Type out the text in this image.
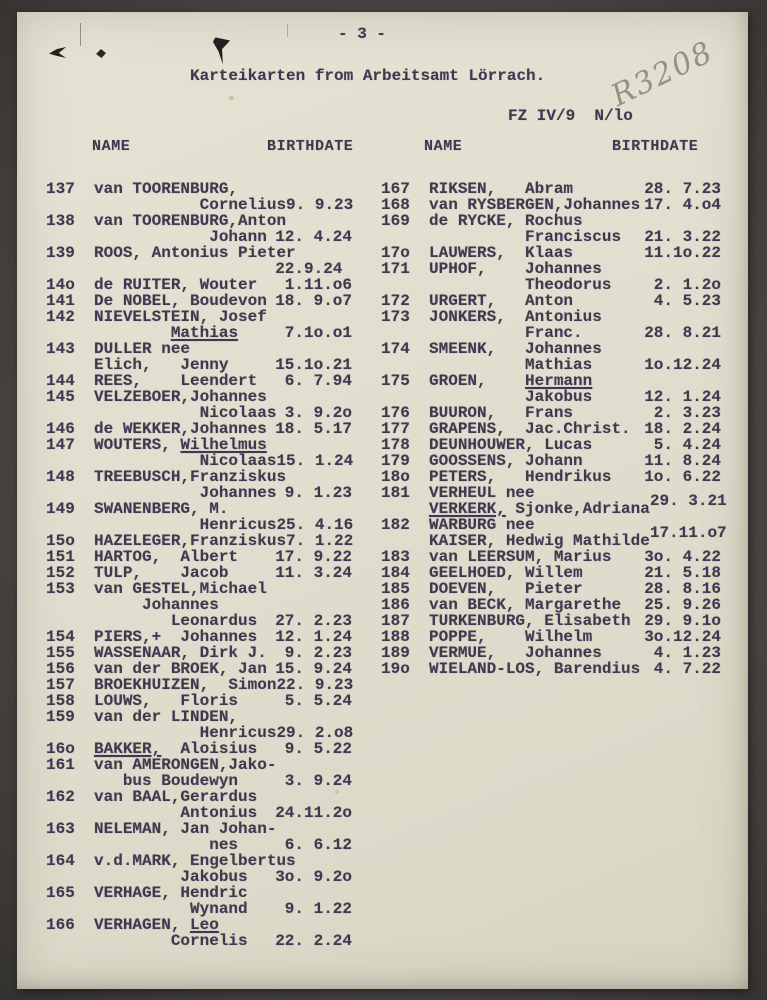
- 3 -
Karteikarten from Arbeitsamt Lörrach.
FZ IV/9  N/lo
R3208
NAME	BIRTHDATE	NAME	BIRTHDATE
137  van TOORENBURG,
Cornelius 9. 9.23
138  van TOORENBURG,Anton
Johann 12. 4.24
139  ROOS, Antonius Pieter
22.9.24
14o  de RUITER, Wouter 1.11.o6
141  De NOBEL, Boudevon 18. 9.o7
142  NIEVELSTEIN, Josef
Mathias	7.1o.o1
143  DULLER nee
Elich,   Jenny	15.1o.21
144  REES,    Leendert 6. 7.94
145  VELZEBOER,Johannes
Nicolaas 3. 9.2o
146  de WEKKER,Johannes 18. 5.17
147  WOUTERS, Wilhelmus
Nicolaas 15. 1.24
148  TREEBUSCH,Franziskus
Johannes 9. 1.23
149  SWANENBERG, M.
Henricus 25. 4.16
15o  HAZELEGER,Franziskus 7. 1.22
151  HARTOG,  Albert 17. 9.22
152  TULP,    Jacob	11. 3.24
153  van GESTEL,Michael
Johannes
Leonardus 27. 2.23
154  PIERS,+  Johannes 12. 1.24
155  WASSENAAR, Dirk J. 9. 2.23
156  van der BROEK, Jan 15. 9.24
157  BROEKHUIZEN,  Simon 22. 9.23
158  LOUWS,   Floris	5. 5.24
159  van der LINDEN,
Henricus 29. 2.o8
16o  BAKKER,  Aloisius 9. 5.22
161  van AMERONGEN,Jako-
bus Boudewyn	3. 9.24
162  van BAAL,Gerardus
Antonius 24.11.2o
163  NELEMAN, Jan Johan-
nes	6. 6.12
164  v.d.MARK, Engelbertus
Jakobus 3o. 9.2o
165  VERHAGE, Hendric
Wynand 9. 1.22
166  VERHAGEN, Leo
Cornelis 22. 2.24
167  RIKSEN,   Abram	28. 7.23
168  van RYSBERGEN,Johannes 17. 4.o4
169  de RYCKE, Rochus
Franciscus 21. 3.22
17o  LAUWERS,  Klaas	11.1o.22
171  UPHOF,    Johannes
Theodorus	2. 1.2o
172  URGERT,   Anton	4. 5.23
173  JONKERS,  Antonius
Franc.	28. 8.21
174  SMEENK,   Johannes
Mathias	1o.12.24
175  GROEN,    Hermann
Jakobus	12. 1.24
176  BUURON,   Frans	2. 3.23
177  GRAPENS,  Jac.Christ. 18. 2.24
178  DEUNHOUWER, Lucas	5. 4.24
179  GOOSSENS, Johann	11. 8.24
18o  PETERS,   Hendrikus 1o. 6.22
181  VERHEUL nee
VERKERK, Sjonke,Adriana 29. 3.21
182  WARBURG nee
KAISER, Hedwig Mathilde 17.11.o7
183  van LEERSUM, Marius 3o. 4.22
184  GEELHOED, Willem	21. 5.18
185  DOEVEN,   Pieter	28. 8.16
186  van BECK, Margarethe 25. 9.26
187  TURKENBURG, Elisabeth 29. 9.1o
188  POPPE,    Wilhelm	3o.12.24
189  VERMUE,   Johannes	4. 1.23
19o  WIELAND-LOS, Barendius 4. 7.22
